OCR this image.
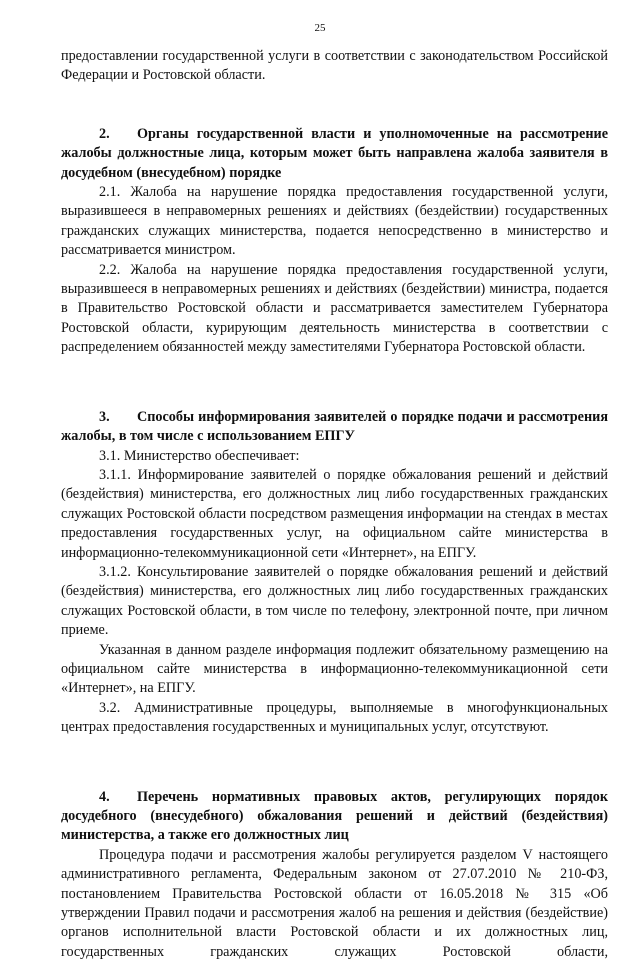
25

предоставлении государственной услуги в соответствии с законодательством Российской Федерации и Ростовской области.

2. Органы государственной власти и уполномоченные на рассмотрение жалобы должностные лица, которым может быть направлена жалоба заявителя в досудебном (внесудебном) порядке

2.1. Жалоба на нарушение порядка предоставления государственной услуги, выразившееся в неправомерных решениях и действиях (бездействии) государственных гражданских служащих министерства, подается непосредственно в министерство и рассматривается министром.

2.2. Жалоба на нарушение порядка предоставления государственной услуги, выразившееся в неправомерных решениях и действиях (бездействии) министра, подается в Правительство Ростовской области и рассматривается заместителем Губернатора Ростовской области, курирующим деятельность министерства в соответствии с распределением обязанностей между заместителями Губернатора Ростовской области.

3. Способы информирования заявителей о порядке подачи и рассмотрения жалобы, в том числе с использованием ЕПГУ

3.1. Министерство обеспечивает:

3.1.1. Информирование заявителей о порядке обжалования решений и действий (бездействия) министерства, его должностных лиц либо государственных гражданских служащих Ростовской области посредством размещения информации на стендах в местах предоставления государственных услуг, на официальном сайте министерства в информационно-телекоммуникационной сети «Интернет», на ЕПГУ.

3.1.2. Консультирование заявителей о порядке обжалования решений и действий (бездействия) министерства, его должностных лиц либо государственных гражданских служащих Ростовской области, в том числе по телефону, электронной почте, при личном приеме.

Указанная в данном разделе информация подлежит обязательному размещению на официальном сайте министерства в информационно-телекоммуникационной сети «Интернет», на ЕПГУ.

3.2. Административные процедуры, выполняемые в многофункциональных центрах предоставления государственных и муниципальных услуг, отсутствуют.

4. Перечень нормативных правовых актов, регулирующих порядок досудебного (внесудебного) обжалования решений и действий (бездействия) министерства, а также его должностных лиц

Процедура подачи и рассмотрения жалобы регулируется разделом V настоящего административного регламента, Федеральным законом от 27.07.2010 № 210-ФЗ, постановлением Правительства Ростовской области от 16.05.2018 № 315 «Об утверждении Правил подачи и рассмотрения жалоб на решения и действия (бездействие) органов исполнительной власти Ростовской области и их должностных лиц, государственных гражданских служащих Ростовской области,
